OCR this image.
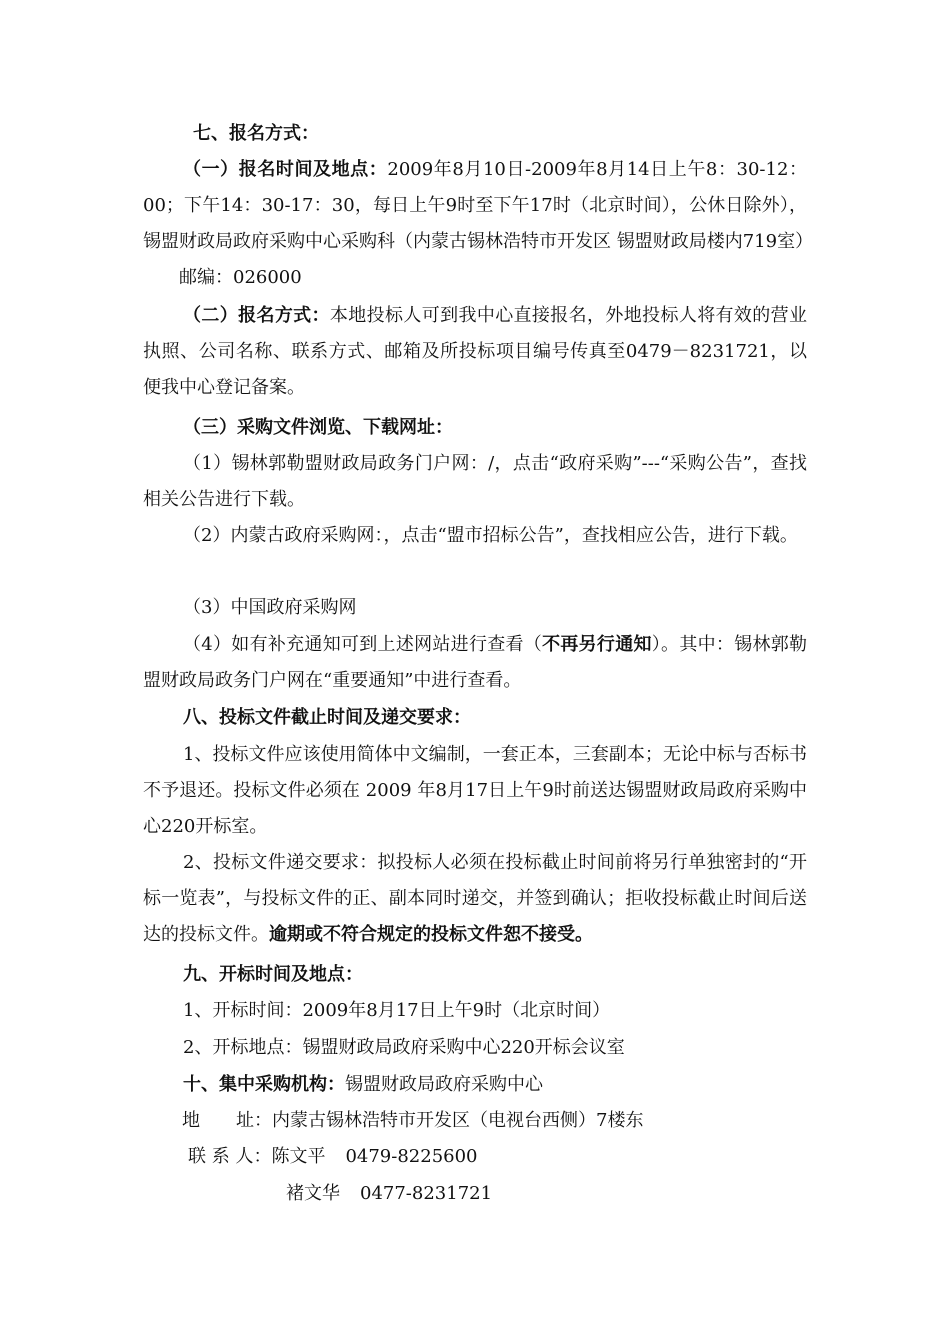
七、报名方式：

（一）报名时间及地点：2009年8月10日-2009年8月14日上午8：30-12：00；下午14：30-17：30，每日上午9时至下午17时（北京时间），公休日除外），锡盟财政局政府采购中心采购科（内蒙古锡林浩特市开发区 锡盟财政局楼内719室）邮编：026000

（二）报名方式：本地投标人可到我中心直接报名，外地投标人将有效的营业执照、公司名称、联系方式、邮箱及所投标项目编号传真至0479－8231721，以便我中心登记备案。

（三）采购文件浏览、下载网址：

（1）锡林郭勒盟财政局政务门户网：/，点击“政府采购”---“采购公告”，查找相关公告进行下载。

（2）内蒙古政府采购网：，点击“盟市招标公告”，查找相应公告，进行下载。

（3）中国政府采购网

（4）如有补充通知可到上述网站进行查看（不再另行通知）。其中：锡林郭勒盟财政局政务门户网在“重要通知”中进行查看。

八、投标文件截止时间及递交要求：

1、投标文件应该使用简体中文编制，一套正本，三套副本；无论中标与否标书不予退还。投标文件必须在 2009 年8月17日上午9时前送达锡盟财政局政府采购中心220开标室。

2、投标文件递交要求：拟投标人必须在投标截止时间前将另行单独密封的“开标一览表”，与投标文件的正、副本同时递交，并签到确认；拒收投标截止时间后送达的投标文件。逾期或不符合规定的投标文件恕不接受。

九、开标时间及地点：

1、开标时间：2009年8月17日上午9时（北京时间）

2、开标地点：锡盟财政局政府采购中心220开标会议室

十、集中采购机构：锡盟财政局政府采购中心

地　　址：内蒙古锡林浩特市开发区（电视台西侧）7楼东

联 系 人：陈文平 0479-8225600

褚文华 0477-8231721
